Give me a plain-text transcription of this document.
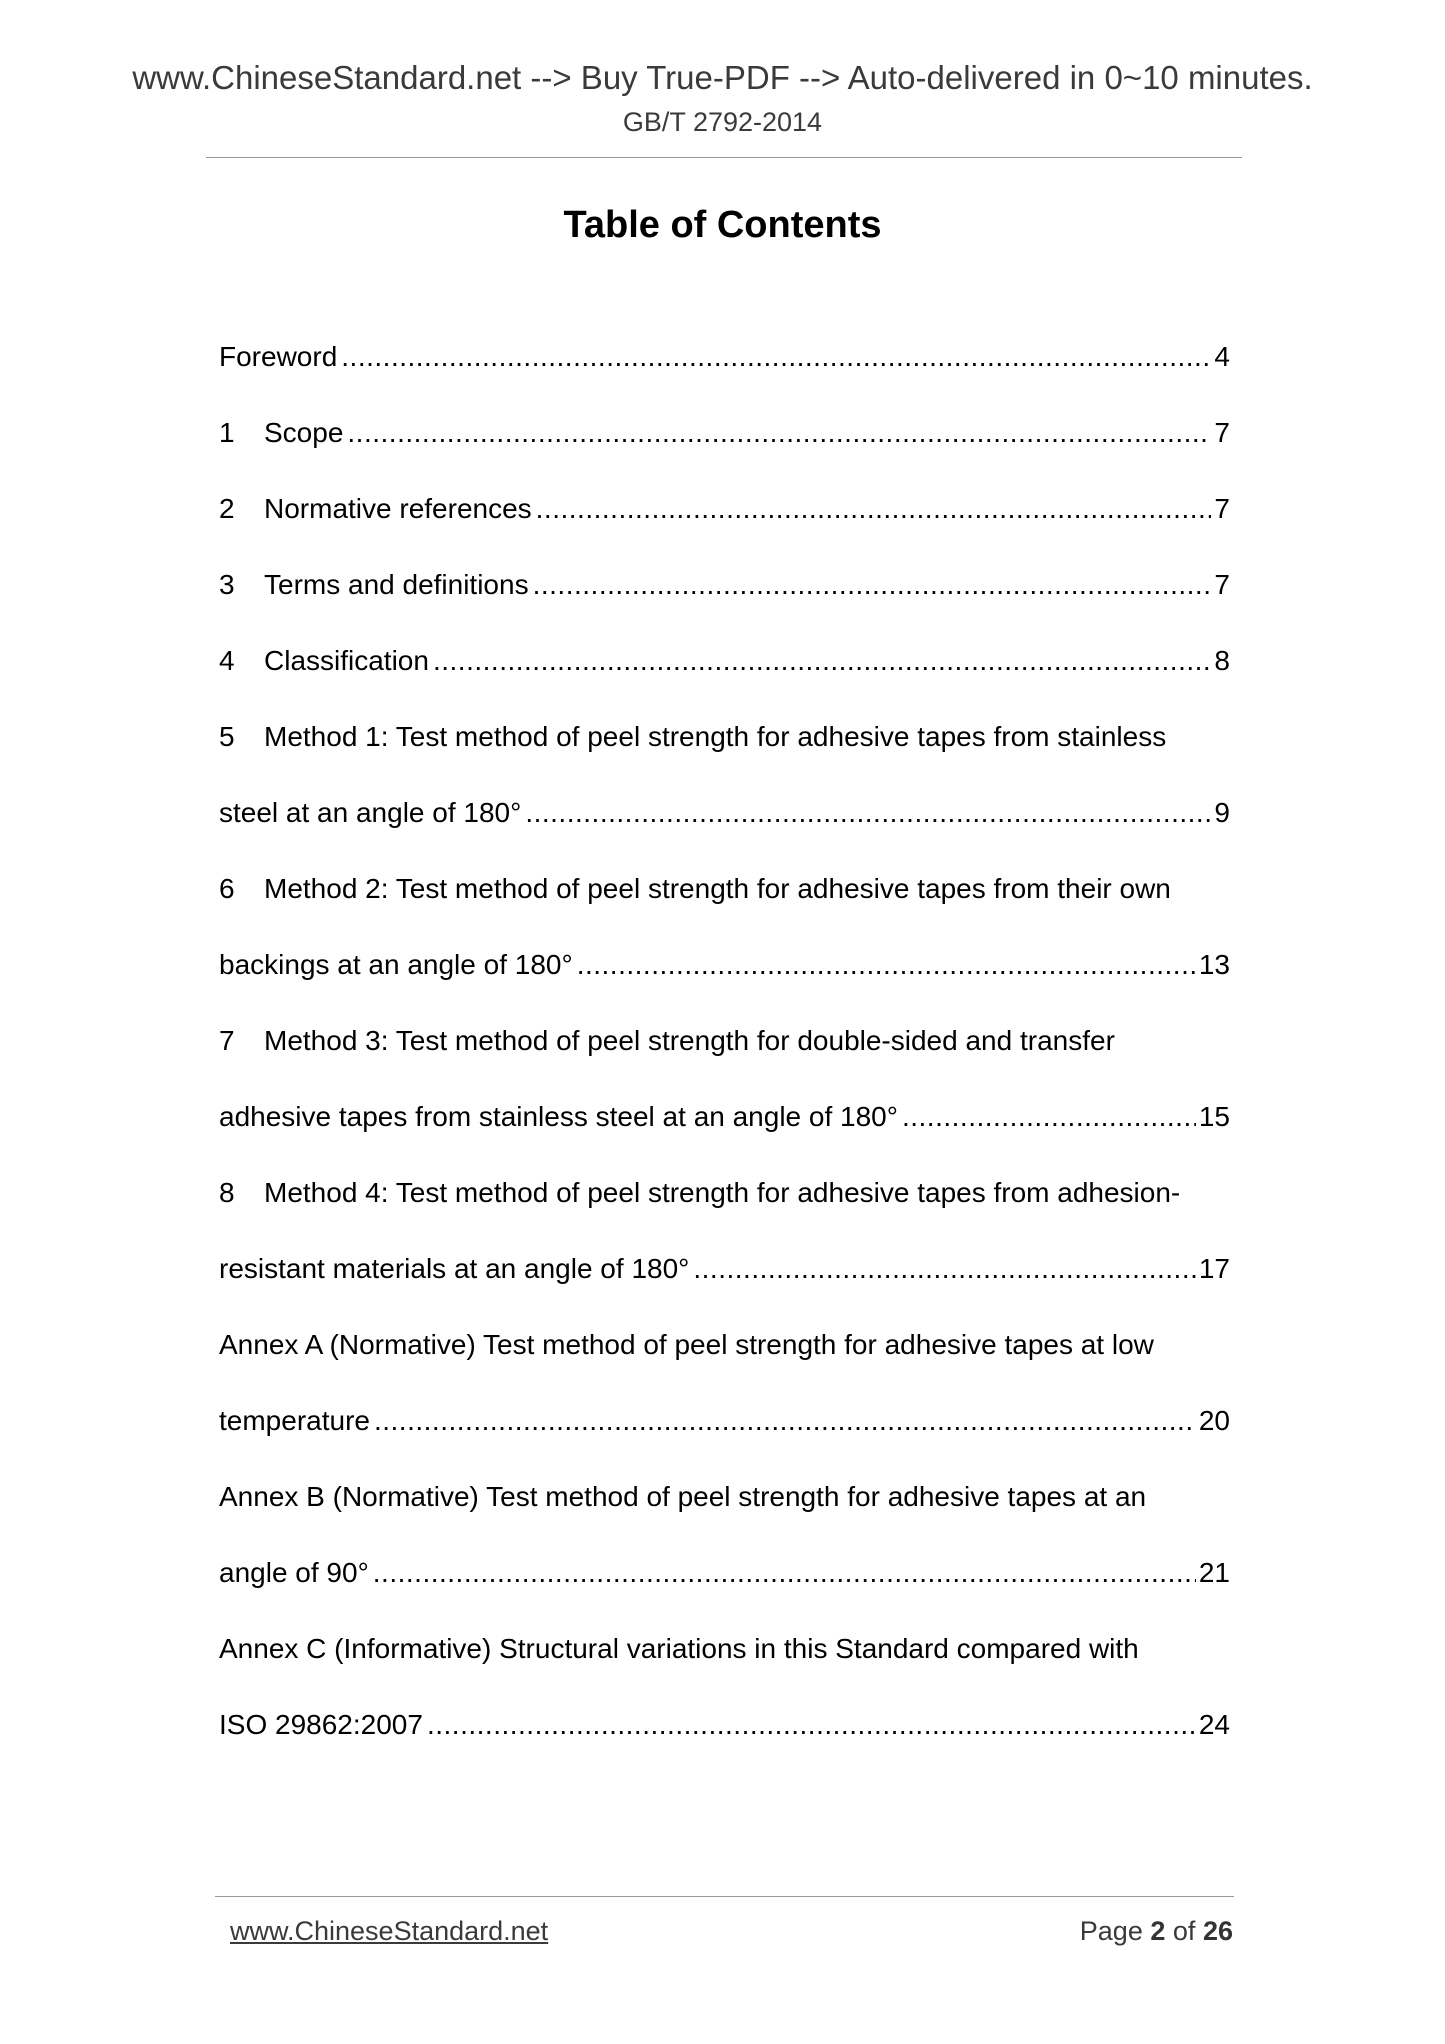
www.ChineseStandard.net --> Buy True-PDF --> Auto-delivered in 0~10 minutes.
GB/T 2792-2014
Table of Contents
Foreword .....	4
1	Scope .....	7
2	Normative references .....	7
3	Terms and definitions .....	7
4	Classification .....	8
5	Method 1: Test method of peel strength for adhesive tapes from stainless
steel at an angle of 180° .....	9
6	Method 2: Test method of peel strength for adhesive tapes from their own
backings at an angle of 180° .....	13
7	Method 3: Test method of peel strength for double-sided and transfer
adhesive tapes from stainless steel at an angle of 180° .....	15
8	Method 4: Test method of peel strength for adhesive tapes from adhesion-
resistant materials at an angle of 180° .....	17
Annex A (Normative) Test method of peel strength for adhesive tapes at low
temperature .....	20
Annex B (Normative) Test method of peel strength for adhesive tapes at an
angle of 90° .....	21
Annex C (Informative) Structural variations in this Standard compared with
ISO 29862:2007 .....	24
www.ChineseStandard.net	Page 2 of 26
